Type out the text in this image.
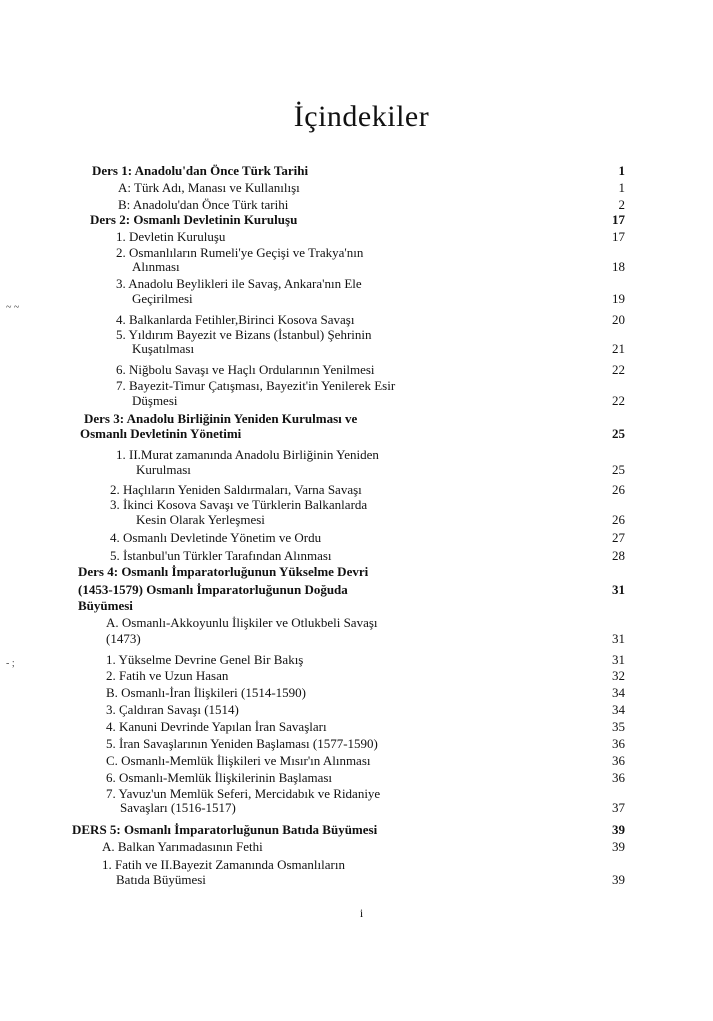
İçindekiler
Ders 1: Anadolu'dan Önce Türk Tarihi	1
A: Türk Adı, Manası ve Kullanılışı	1
B: Anadolu'dan Önce Türk tarihi	2
Ders 2: Osmanlı Devletinin Kuruluşu	17
1. Devletin Kuruluşu	17
2. Osmanlıların Rumeli'ye Geçişi ve Trakya'nın
Alınması	18
3. Anadolu Beylikleri ile Savaş, Ankara'nın Ele
Geçirilmesi	19
4. Balkanlarda Fetihler,Birinci Kosova Savaşı	20
5. Yıldırım Bayezit ve Bizans (İstanbul) Şehrinin
Kuşatılması	21
6. Niğbolu Savaşı ve Haçlı Ordularının Yenilmesi	22
7. Bayezit-Timur Çatışması, Bayezit'in Yenilerek Esir
Düşmesi	22
Ders 3: Anadolu Birliğinin Yeniden Kurulması ve
Osmanlı Devletinin Yönetimi	25
1. II.Murat zamanında Anadolu Birliğinin Yeniden
Kurulması	25
2. Haçlıların Yeniden Saldırmaları, Varna Savaşı	26
3. İkinci Kosova Savaşı ve Türklerin Balkanlarda
Kesin Olarak Yerleşmesi	26
4. Osmanlı Devletinde Yönetim ve Ordu	27
5. İstanbul'un Türkler Tarafından Alınması	28
Ders 4: Osmanlı İmparatorluğunun Yükselme Devri
(1453-1579) Osmanlı İmparatorluğunun Doğuda	31
Büyümesi
A. Osmanlı-Akkoyunlu İlişkiler ve Otlukbeli Savaşı
(1473)	31
1. Yükselme Devrine Genel Bir Bakış	31
2. Fatih ve Uzun Hasan	32
B. Osmanlı-İran İlişkileri (1514-1590)	34
3. Çaldıran Savaşı (1514)	34
4. Kanuni Devrinde Yapılan İran Savaşları	35
5. İran Savaşlarının Yeniden Başlaması (1577-1590)	36
C. Osmanlı-Memlük İlişkileri ve Mısır'ın Alınması	36
6. Osmanlı-Memlük İlişkilerinin Başlaması	36
7. Yavuz'un Memlük Seferi, Mercidabık ve Ridaniye
Savaşları (1516-1517)	37
DERS 5: Osmanlı İmparatorluğunun Batıda Büyümesi	39
A. Balkan Yarımadasının Fethi	39
1. Fatih ve II.Bayezit Zamanında Osmanlıların
Batıda Büyümesi	39
i
~ ~
- ;
